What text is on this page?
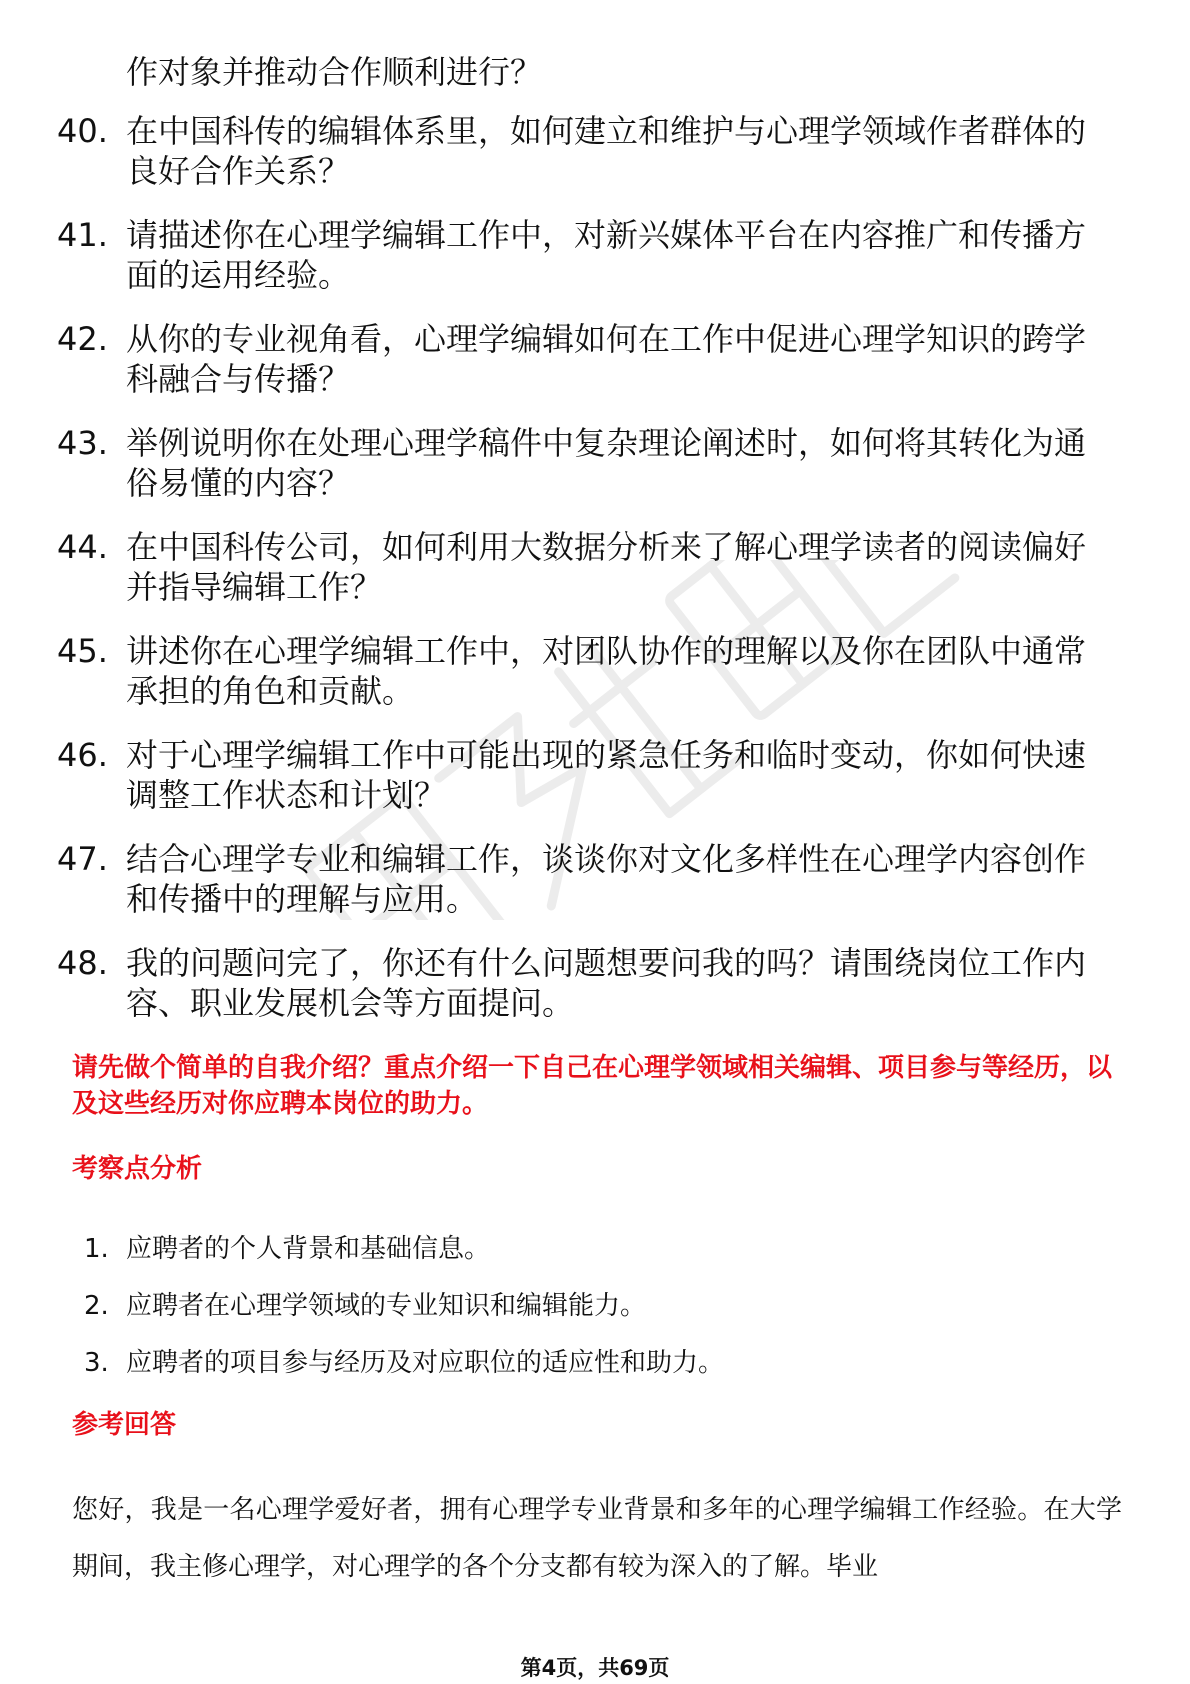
作对象并推动合作顺利进行？
40. 在中国科传的编辑体系里，如何建立和维护与心理学领域作者群体的良好合作关系？
41. 请描述你在心理学编辑工作中，对新兴媒体平台在内容推广和传播方面的运用经验。
42. 从你的专业视角看，心理学编辑如何在工作中促进心理学知识的跨学科融合与传播？
43. 举例说明你在处理心理学稿件中复杂理论阐述时，如何将其转化为通俗易懂的内容？
44. 在中国科传公司，如何利用大数据分析来了解心理学读者的阅读偏好并指导编辑工作？
45. 讲述你在心理学编辑工作中，对团队协作的理解以及你在团队中通常承担的角色和贡献。
46. 对于心理学编辑工作中可能出现的紧急任务和临时变动，你如何快速调整工作状态和计划？
47. 结合心理学专业和编辑工作，谈谈你对文化多样性在心理学内容创作和传播中的理解与应用。
48. 我的问题问完了，你还有什么问题想要问我的吗？请围绕岗位工作内容、职业发展机会等方面提问。
请先做个简单的自我介绍？重点介绍一下自己在心理学领域相关编辑、项目参与等经历，以及这些经历对你应聘本岗位的助力。
考察点分析
1. 应聘者的个人背景和基础信息。
2. 应聘者在心理学领域的专业知识和编辑能力。
3. 应聘者的项目参与经历及对应职位的适应性和助力。
参考回答
您好，我是一名心理学爱好者，拥有心理学专业背景和多年的心理学编辑工作经验。在大学期间，我主修心理学，对心理学的各个分支都有较为深入的了解。毕业
第4页，共69页
